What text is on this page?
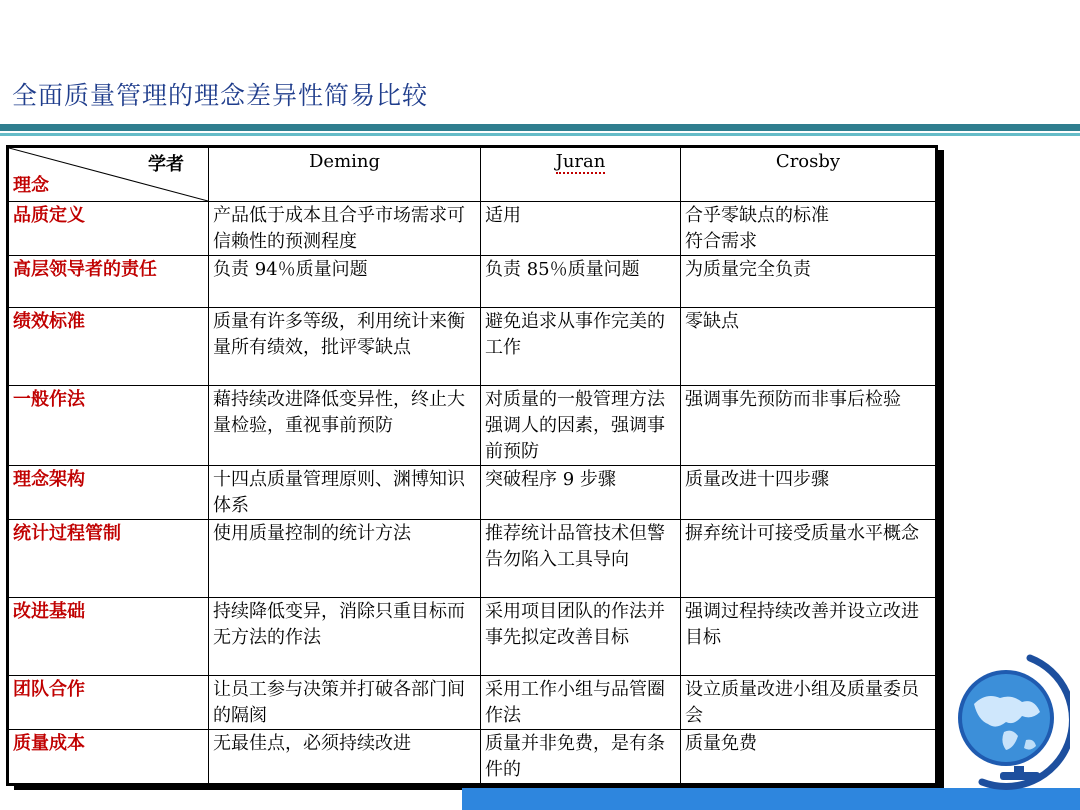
全面质量管理的理念差异性简易比较
学者
理念	Deming	Juran	Crosby
品质定义	产品低于成本且合乎市场需求可信赖性的预测程度	适用	合乎零缺点的标准
符合需求
高层领导者的责任	负责 94％质量问题	负责 85％质量问题	为质量完全负责
绩效标准	质量有许多等级，利用统计来衡量所有绩效，批评零缺点	避免追求从事作完美的工作	零缺点
一般作法	藉持续改进降低变异性，终止大量检验，重视事前预防	对质量的一般管理方法强调人的因素，强调事前预防	强调事先预防而非事后检验
理念架构	十四点质量管理原则、渊博知识体系	突破程序 9 步骤	质量改进十四步骤
统计过程管制	使用质量控制的统计方法	推荐统计品管技术但警告勿陷入工具导向	摒弃统计可接受质量水平概念
改进基础	持续降低变异，消除只重目标而无方法的作法	采用项目团队的作法并事先拟定改善目标	强调过程持续改善并设立改进目标
团队合作	让员工参与决策并打破各部门间的隔阂	采用工作小组与品管圈作法	设立质量改进小组及质量委员会
质量成本	无最佳点，必须持续改进	质量并非免费，是有条件的	质量免费
